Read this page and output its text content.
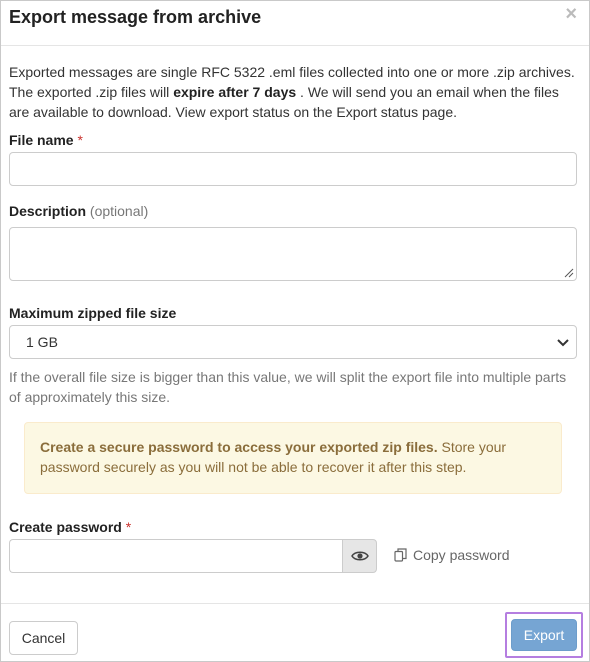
Export message from archive	×
Exported messages are single RFC 5322 .eml files collected into one or more .zip archives. The exported .zip files will expire after 7 days . We will send you an email when the files are available to download. View export status on the Export status page.
File name *
Description (optional)
Maximum zipped file size
1 GB
If the overall file size is bigger than this value, we will split the export file into multiple parts of approximately this size.
Create a secure password to access your exported zip files. Store your password securely as you will not be able to recover it after this step.
Create password *
Copy password
Cancel	Export
